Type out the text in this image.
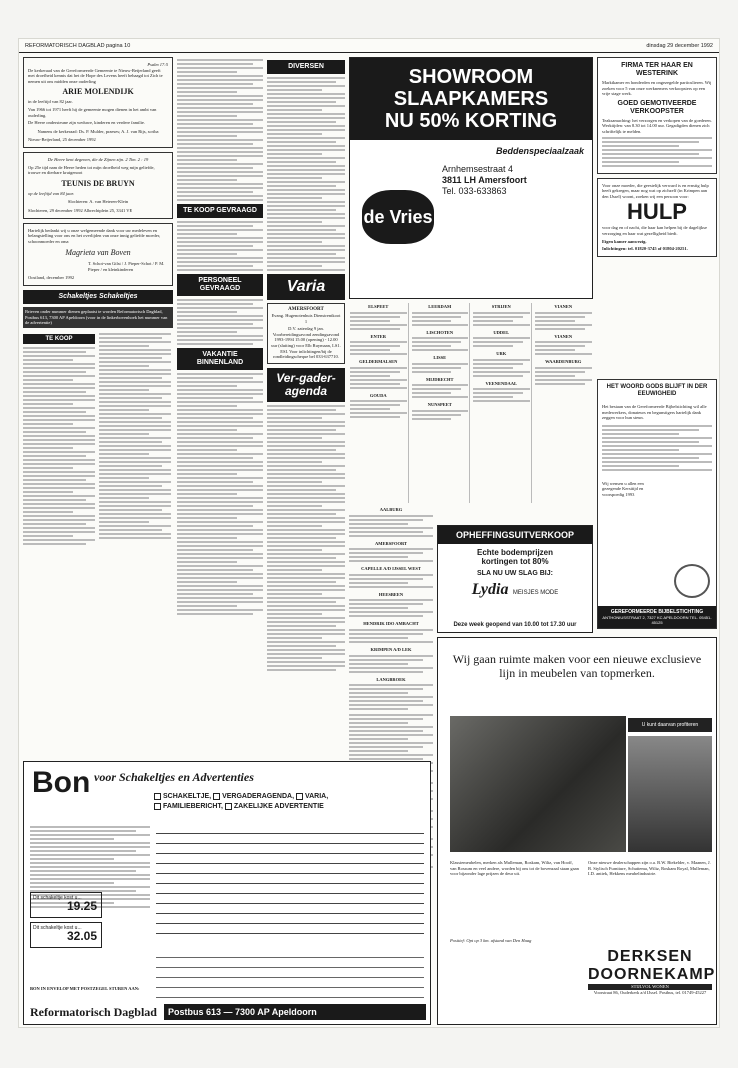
REFORMATORISCH DAGBLAD pagina 10	dinsdag 29 december 1992
Psalm 17:5
De kerkeraad van de Gereformeerde Gemeente te Nieuw-Beijerland geeft met droefheid kennis dat het de Hope des Levens heeft behaagd tot Zich te nemen uit ons midden onze ouderling
ARIE MOLENDIJK
in de leeftijd van 82 jaar.
Van 1966 tot 1971 heeft hij de gemeente mogen dienen in het ambt van ouderling.
De Heere ondersteune zijn weduwe, kinderen en verdere familie.
Namens de kerkeraad: Ds. P. Mulder, praeses; A. J. van Rijs, scriba
Nieuw-Beijerland, 25 december 1992
De Heere kent degenen, die de Zijnen zijn. 2 Tim. 2 : 19
Op 25e tijd nam de Heere heden tot mijn droefheid weg mijn geliefde, trouwe en dierbare kruigenoot
TEUNIS DE BRUYN
op de leeftijd van 84 jaar.
Slochteren: A. van Heteren-Klein
Slochteren, 29 december 1992 Albrechtplein 25, 3341 VE
Hartelijk bedankt wij u onze welgemeende dank voor uw medeleven en belangstelling voor ons en het overlijden van onze innig geliefde moeder, schoonmoeder en oma
Magrieta van Boven
T. Schot-van Gilst / J. Pieper-Schot / P. M. Pieper / en kleinkinderen
Oostland, december 1992
Schakeltjes Schakeltjes
Brieven onder nummer dienen geplaatst te worden Reformatorisch Dagblad, Postbus 613, 7300 AP Apeldoorn (voor in de linkerbovenhoek het nummer van de advertentie)
TE KOOP
TE KOOP GEVRAAGD
PERSONEEL GEVRAAGD
VAKANTIE BINNENLAND
DIVERSEN
Varia
AMERSFOORT
Evang. Hugenotenhuis Dienstrentkoot 1
D.V. zaterdag 9 jan. Voorbereidingsavond zendingsavond 1993-1994 15.00 (opening) - 12.00 uur (sluiting) voor Elb Ruymaan, LS1. ESI. Voor inlichtingen/bij de rondleidingscheque bel 033-637710.
Ver-gader-agenda
SHOWROOM
SLAAPKAMERS
NU 50% KORTING
Beddenspeciaalzaak
de Vries
Arnhemsestraat 4
3811 LH Amersfoort
Tel. 033-633863
ELSPEET
ENTER
GELDERMALSEN
GOUDA
LEERDAM
LISCHOTEN
LISSE
MIJDRECHT
NUNSPEET
STRIJEN
UDDEL
URK
VEENENDAAL
VIANEN
VIANEN
WAARDENBURG
AALBURG
AMERSFOORT
CAPELLE A/D IJSSEL WEST
HEESBEEN
HENDRIK IDO AMBACHT
KRIMPEN A/D LEK
LANGBROEK
FIRMA TER HAAR EN WESTERINK
Marktkamer en honderden en ongezegelde particulieren. Wij zoeken voor 5 van onze werknemers verkoopsters op een vrije stage werk.
GOED GEMOTIVEERDE VERKOOPSTER
Teaksamaching: het verzorgen en verkopen van de goederen. Werktijden: van 8.30 tot 14.00 uur. Gegadigden dienen zich schriftelijk te melden.
Voor onze moeder, die geestelijk verward is en ernstig hulp heeft gekregen, maar nog wat op zichzelf (in Krimpen aan den IJssel) woont, zoeken wij een persoon voor:
HULP
voor dag en of nacht, die haar kan helpen bij de dagelijkse verzorging en haar wat gezelligheid biedt.
Eigen kamer aanwezig.
Inlichtingen: tel. 01820-3745 of 01804-20251.
HET WOORD GODS BLIJFT IN DER EEUWIGHEID
Het bestaan van de Gereformeerde Bijbelstichting wil alle medewerkers, donateurs en begunstigers hartelijk dank zeggen voor hun steun.
Wij wensen u allen een gezegende Kersttijd en voorspoedig 1993
GEREFORMEERDE BIJBELSTICHTING
ANTHONIUSSTRAAT 2, 7327 KC APELDOORN TEL. 05451-45125
OPHEFFINGSUITVERKOOP
Echte bodemprijzen
kortingen tot 80%
SLA NU UW SLAG BIJ:
Lydia MEISJES MODE
Deze week geopend van 10.00 tot 17.30 uur
Wij gaan ruimte maken voor een nieuwe exclusieve lijn in meubelen van topmerken.
U kunt daarvan profiteren
Klassiemeubelen, merken als Mulleman, Roskam, Wiltz, van Hooff, van Rossum en veel andere, worden bij ons tot de bovenzaal staan gaan voor bijzonder lage prijzen de deur uit.
Onze nieuwe dealerschappen zijn o.a. B.W. Biekelder, v. Maanen, J. B. Stylisch Furniture, Schuttema, Wiltz, Roskam Royal, Mulleman, I.D. antiek, Hekkens meubelindustrie.
Positief: Opt op 3 km. afstand van Den Haag
DERKSEN
DOORNEKAMP
STIJLVOL WONEN
Voorstraat 86, Ouderkerk a/d IJssel. Postbus, tel. 01749-45227
Bon voor Schakeltjes en Advertenties
SCHAKELTJE, VERGADERAGENDA, VARIA,
FAMILIEBERICHT, ZAKELIJKE ADVERTENTIE
Dit schakeltje kost u...
19.25
Dit schakeltje kost u...
32.05
BON IN ENVELOP MET POSTZEGEL STUREN AAN:
Reformatorisch Dagblad	Postbus 613 — 7300 AP Apeldoorn
